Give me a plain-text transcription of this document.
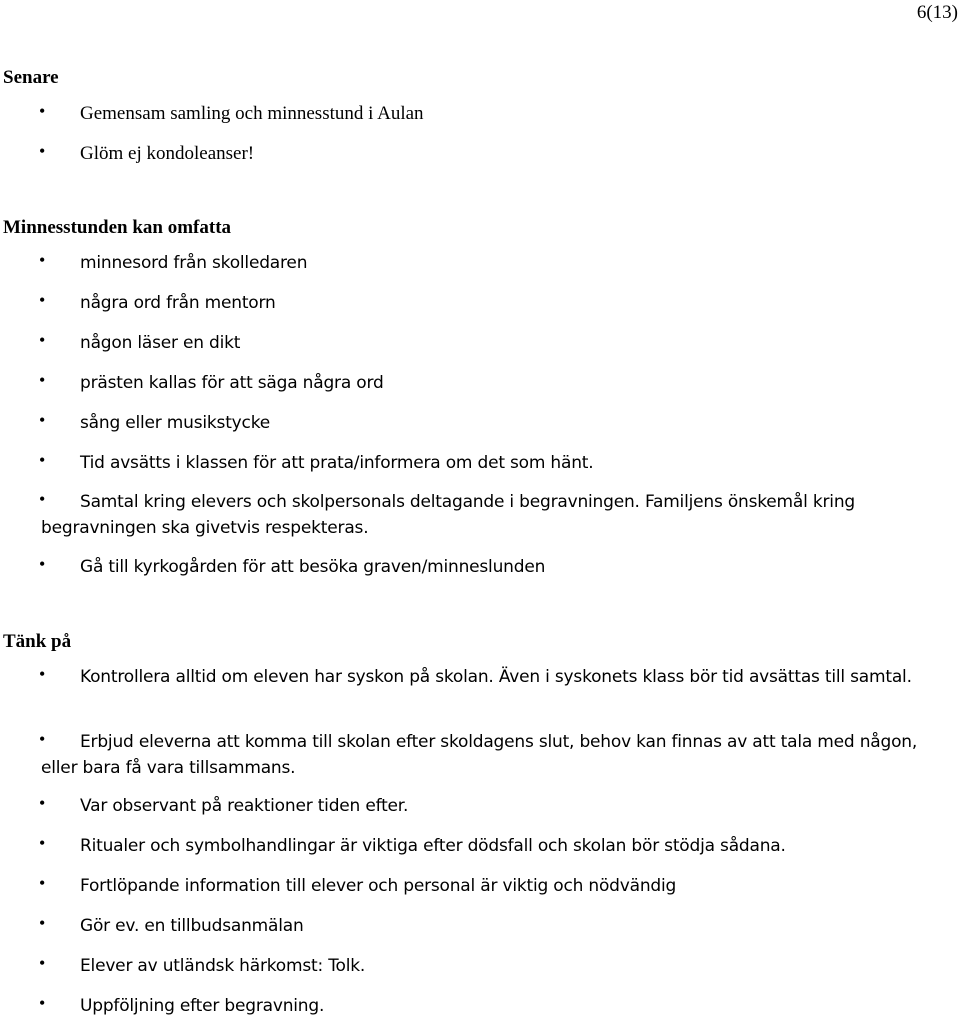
6(13)
Senare
•	Gemensam samling och minnesstund i Aulan
•	Glöm ej kondoleanser!
Minnesstunden kan omfatta
•	minnesord från skolledaren
•	några ord från mentorn
•	någon läser en dikt
•	prästen kallas för att säga några ord
•	sång eller musikstycke
•	Tid avsätts i klassen för att prata/informera om det som hänt.
•	Samtal kring elevers och skolpersonals deltagande i begravningen. Familjens önskemål kring begravningen ska givetvis respekteras.
•	Gå till kyrkogården för att besöka graven/minneslunden
Tänk på
•	Kontrollera alltid om eleven har syskon på skolan. Även i syskonets klass bör tid avsättas till samtal.
•	Erbjud eleverna att komma till skolan efter skoldagens slut, behov kan finnas av att tala med någon, eller bara få vara tillsammans.
•	Var observant på reaktioner tiden efter.
•	Ritualer och symbolhandlingar är viktiga efter dödsfall och skolan bör stödja sådana.
•	Fortlöpande information till elever och personal är viktig och nödvändig
•	Gör ev. en tillbudsanmälan
•	Elever av utländsk härkomst: Tolk.
•	Uppföljning efter begravning.
